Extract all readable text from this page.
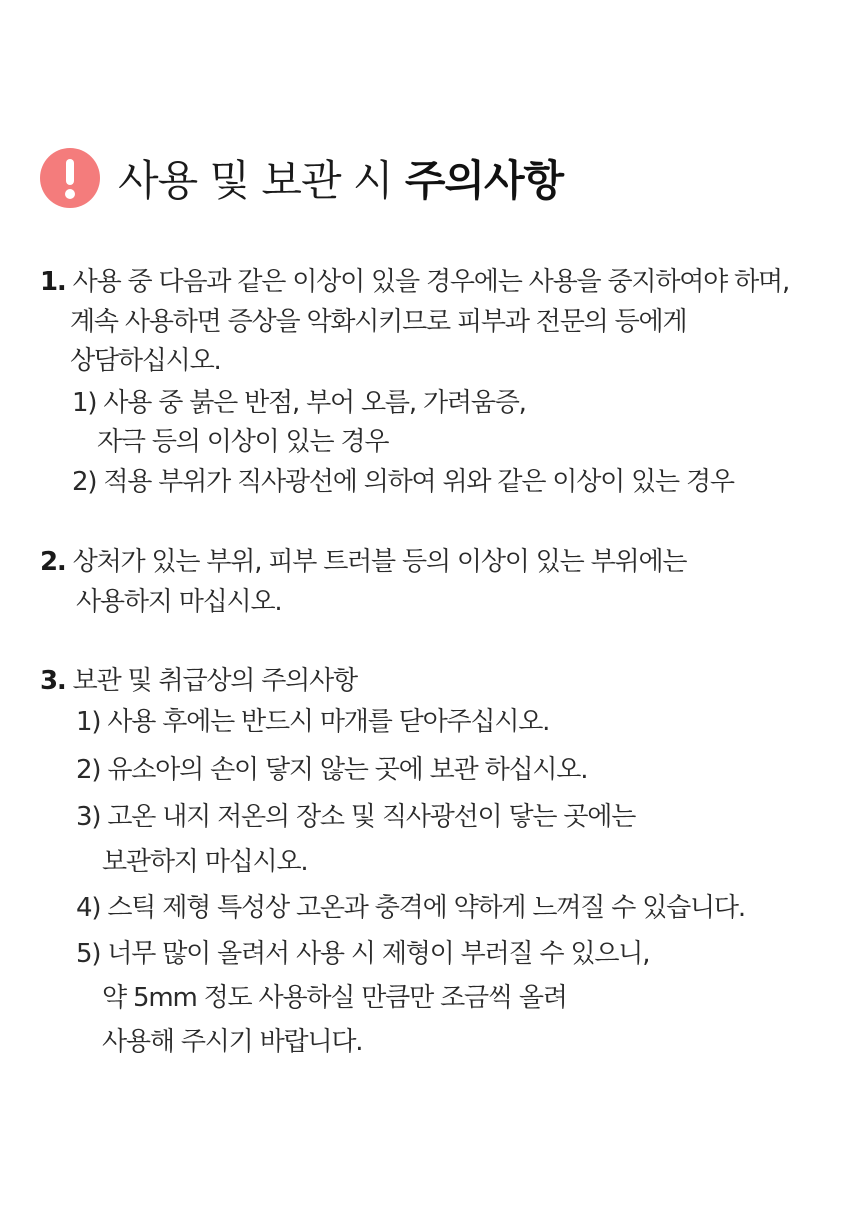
사용 및 보관 시 주의사항
1. 사용 중 다음과 같은 이상이 있을 경우에는 사용을 중지하여야 하며,
계속 사용하면 증상을 악화시키므로 피부과 전문의 등에게
상담하십시오.
1) 사용 중 붉은 반점, 부어 오름, 가려움증,
자극 등의 이상이 있는 경우
2) 적용 부위가 직사광선에 의하여 위와 같은 이상이 있는 경우
2. 상처가 있는 부위, 피부 트러블 등의 이상이 있는 부위에는
사용하지 마십시오.
3. 보관 및 취급상의 주의사항
1) 사용 후에는 반드시 마개를 닫아주십시오.
2) 유소아의 손이 닿지 않는 곳에 보관 하십시오.
3) 고온 내지 저온의 장소 및 직사광선이 닿는 곳에는
보관하지 마십시오.
4) 스틱 제형 특성상 고온과 충격에 약하게 느껴질 수 있습니다.
5) 너무 많이 올려서 사용 시 제형이 부러질 수 있으니,
약 5mm 정도 사용하실 만큼만 조금씩 올려
사용해 주시기 바랍니다.
